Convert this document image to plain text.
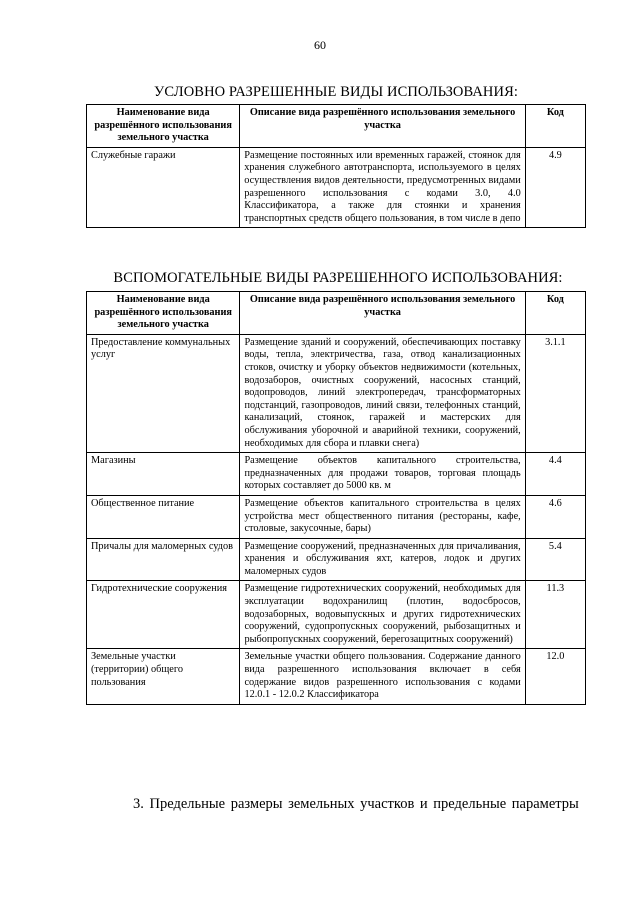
60
УСЛОВНО РАЗРЕШЕННЫЕ ВИДЫ ИСПОЛЬЗОВАНИЯ:
Наименование вида разрешённого использования земельного участка	Описание вида разрешённого использования земельного участка	Код
Служебные гаражи	Размещение постоянных или временных гаражей, стоянок для хранения служебного автотранспорта, используемого в целях осуществления видов деятельности, предусмотренных видами разрешенного использования с кодами 3.0, 4.0 Классификатора, а также для стоянки и хранения транспортных средств общего пользования, в том числе в депо	4.9
ВСПОМОГАТЕЛЬНЫЕ ВИДЫ РАЗРЕШЕННОГО ИСПОЛЬЗОВАНИЯ:
Наименование вида разрешённого использования земельного участка	Описание вида разрешённого использования земельного участка	Код
Предоставление коммунальных услуг	Размещение зданий и сооружений, обеспечивающих поставку воды, тепла, электричества, газа, отвод канализационных стоков, очистку и уборку объектов недвижимости (котельных, водозаборов, очистных сооружений, насосных станций, водопроводов, линий электропередач, трансформаторных подстанций, газопроводов, линий связи, телефонных станций, канализаций, стоянок, гаражей и мастерских для обслуживания уборочной и аварийной техники, сооружений, необходимых для сбора и плавки снега)	3.1.1
Магазины	Размещение объектов капитального строительства, предназначенных для продажи товаров, торговая площадь которых составляет до 5000 кв. м	4.4
Общественное питание	Размещение объектов капитального строительства в целях устройства мест общественного питания (рестораны, кафе, столовые, закусочные, бары)	4.6
Причалы для маломерных судов	Размещение сооружений, предназначенных для причаливания, хранения и обслуживания яхт, катеров, лодок и других маломерных судов	5.4
Гидротехнические сооружения	Размещение гидротехнических сооружений, необходимых для эксплуатации водохранилищ (плотин, водосбросов, водозаборных, водовыпускных и других гидротехнических сооружений, судопропускных сооружений, рыбозащитных и рыбопропускных сооружений, берегозащитных сооружений)	11.3
Земельные участки (территории) общего пользования	Земельные участки общего пользования. Содержание данного вида разрешенного использования включает в себя содержание видов разрешенного использования с кодами 12.0.1 - 12.0.2 Классификатора	12.0
3. Предельные размеры земельных участков и предельные параметры
